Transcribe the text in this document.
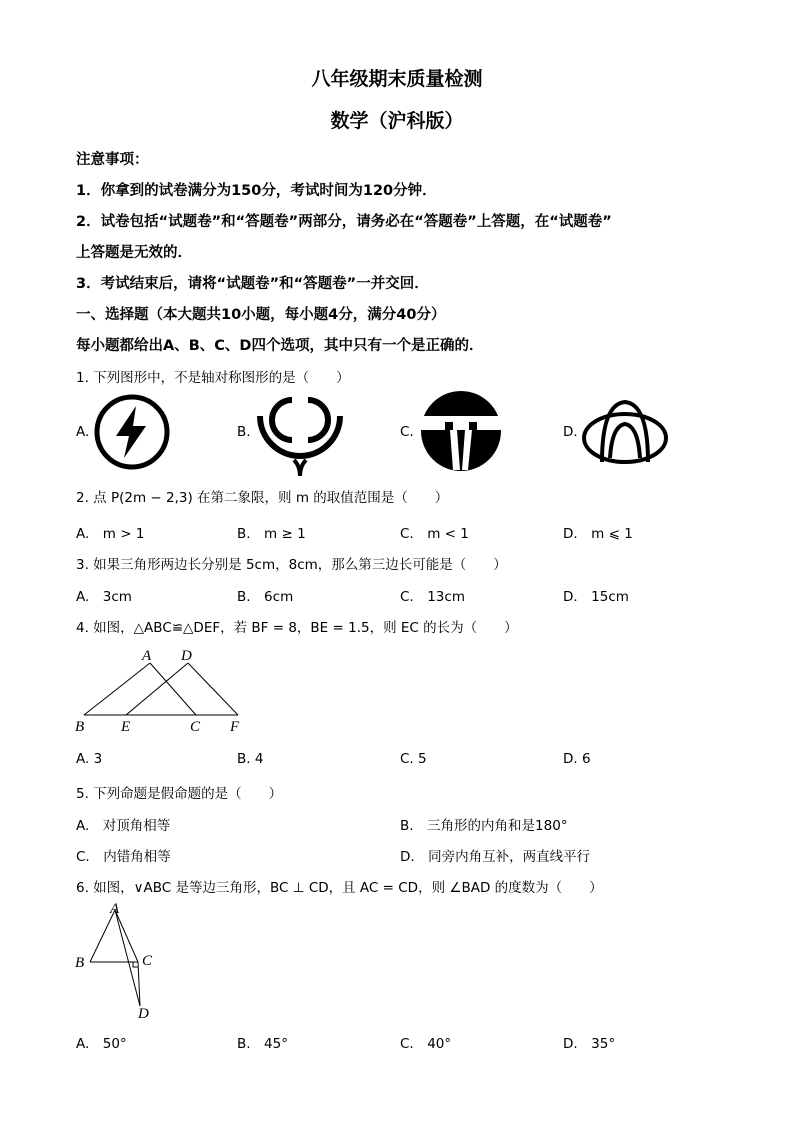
八年级期末质量检测
数学（沪科版）
注意事项：
1．你拿到的试卷满分为150分，考试时间为120分钟．
2．试卷包括“试题卷”和“答题卷”两部分，请务必在“答题卷”上答题，在“试题卷”
上答题是无效的．
3．考试结束后，请将“试题卷”和“答题卷”一并交回．
一、选择题（本大题共10小题，每小题4分，满分40分）
每小题都给出A、B、C、D四个选项，其中只有一个是正确的．
1. 下列图形中，不是轴对称图形的是（　　）
A.	B.	C.	D.
2. 点 P(2m − 2,3) 在第二象限，则 m 的取值范围是（　　）
A.　m > 1	B.　m ≥ 1	C.　m < 1	D.　m ⩽ 1
3. 如果三角形两边长分别是 5cm，8cm，那么第三边长可能是（　　）
A.　3cm	B.　6cm	C.　13cm	D.　15cm
4. 如图，△ABC≌△DEF，若 BF = 8，BE = 1.5，则 EC 的长为（　　）
A D
B E	C F
A. 3	B. 4	C. 5	D. 6
5. 下列命题是假命题的是（　　）
A.　对顶角相等	B.　三角形的内角和是180°
C.　内错角相等	D.　同旁内角互补，两直线平行
6. 如图，∨ABC 是等边三角形，BC ⊥ CD，且 AC = CD，则 ∠BAD 的度数为（　　）
A
B	C
D
A.　50°	B.　45°	C.　40°	D.　35°
